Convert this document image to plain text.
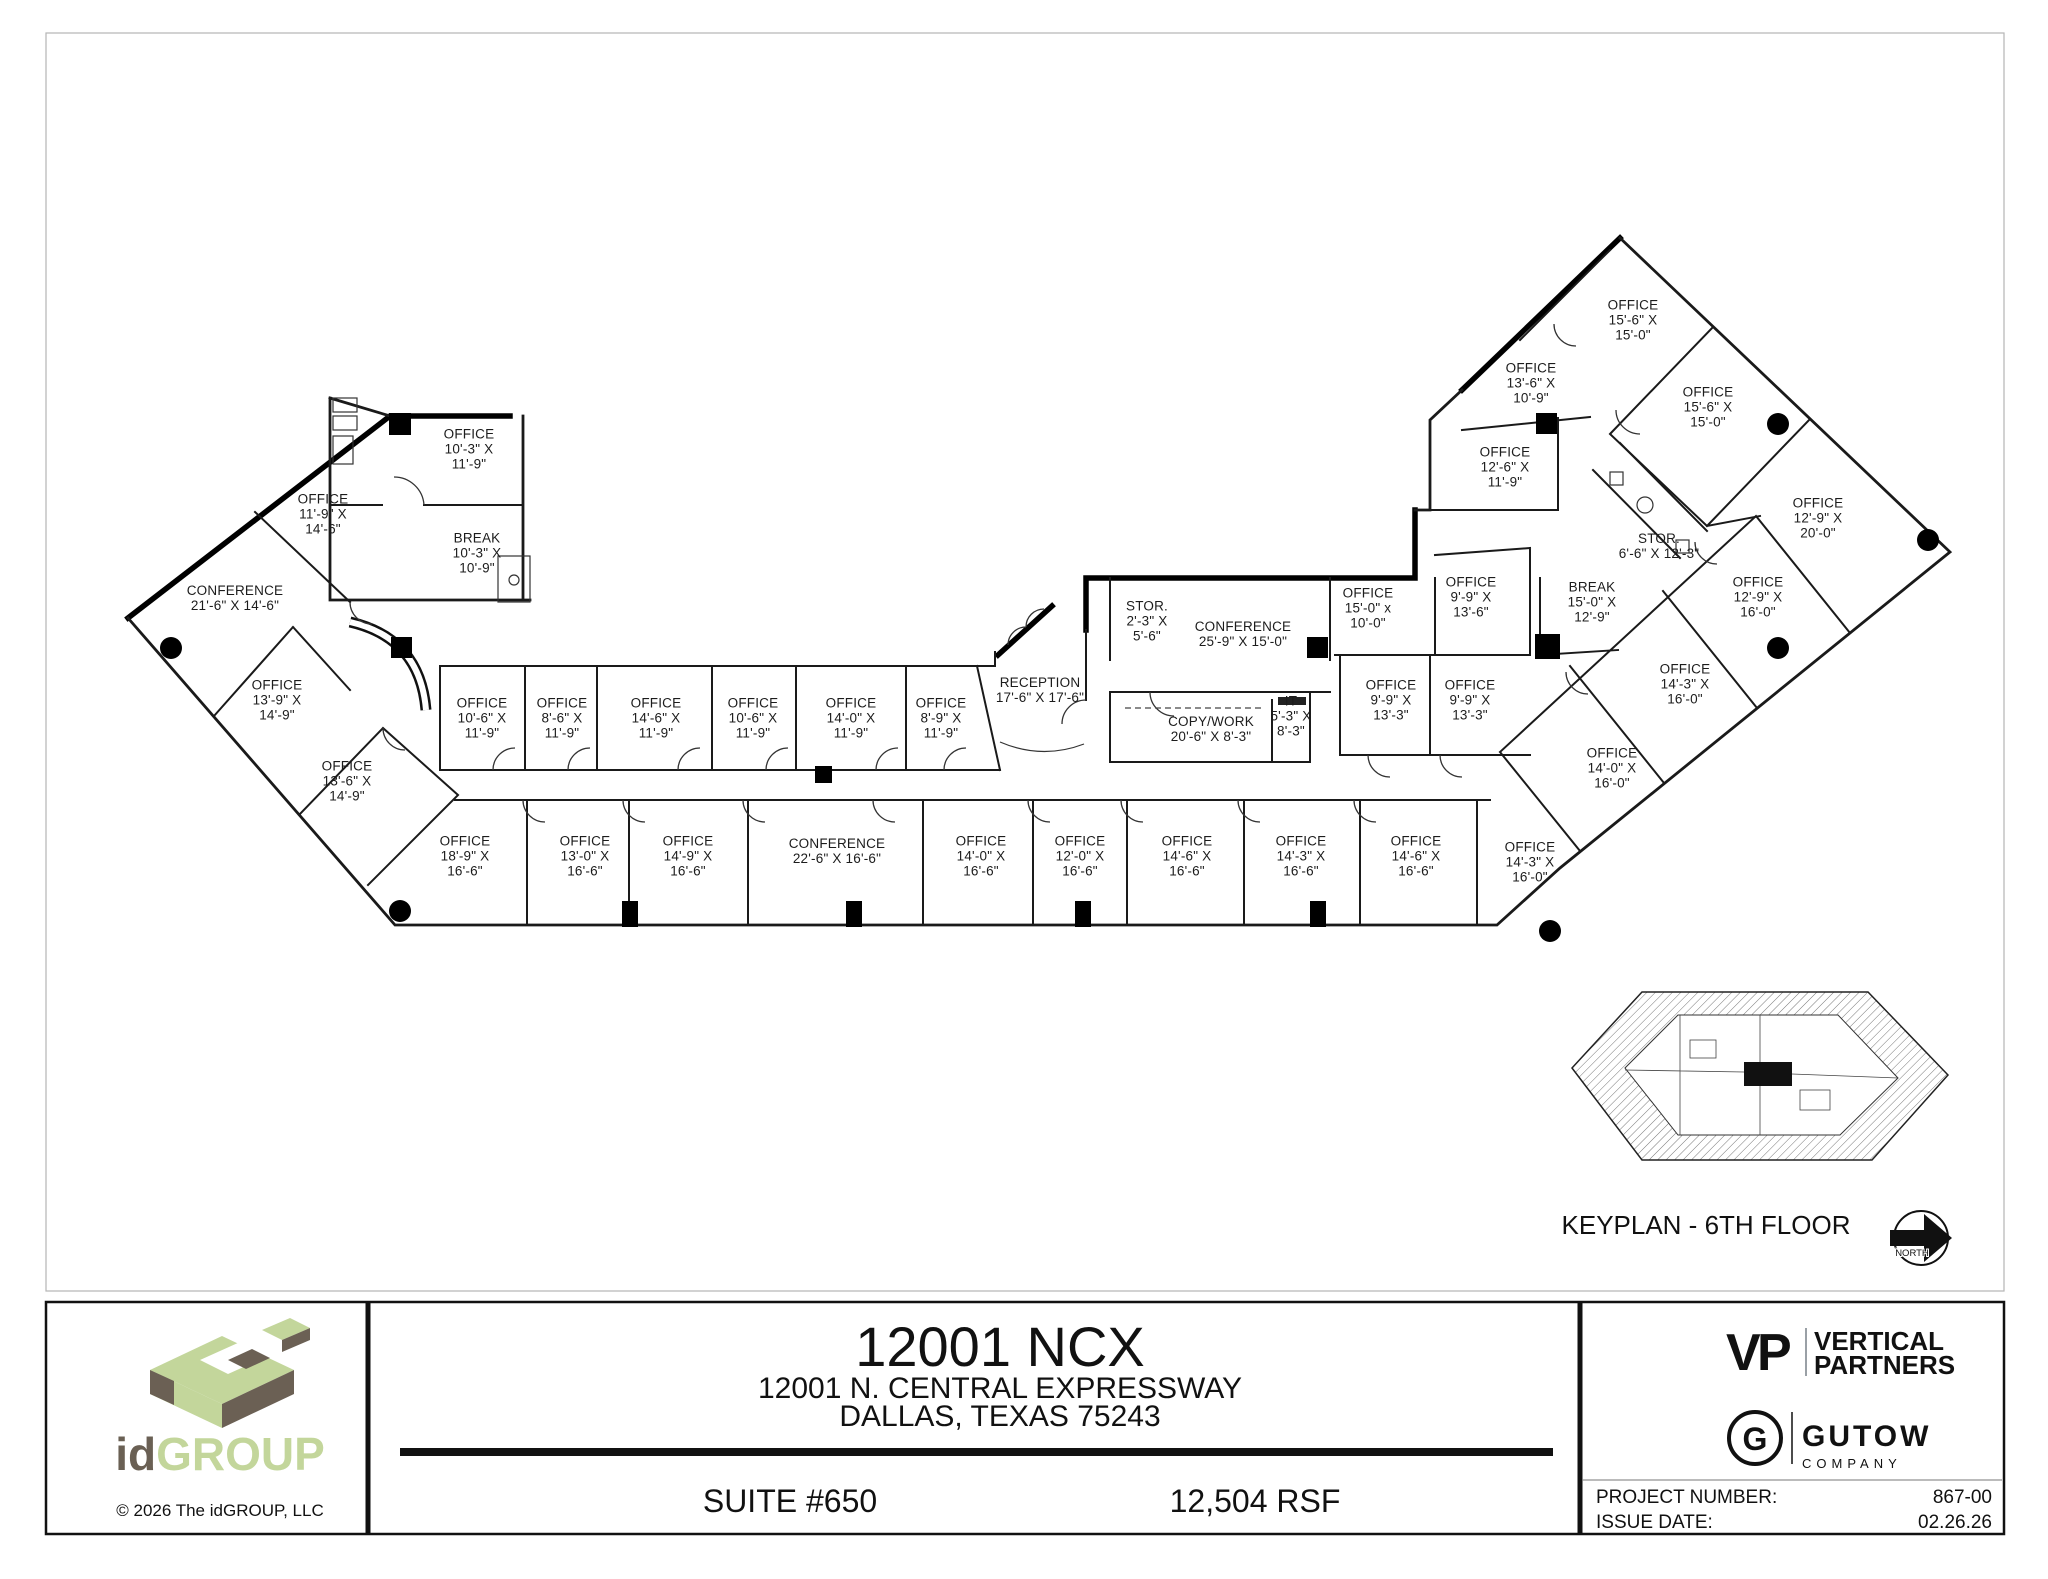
OFFICE 10'-3" X 11'-9"
BREAK 10'-3" X 10'-9"
OFFICE 11'-9" X 14'-6"
CONFERENCE 21'-6" X 14'-6"
OFFICE 13'-9" X 14'-9"
OFFICE 13'-6" X 14'-9"
OFFICE 10'-6" X 11'-9"
OFFICE 8'-6" X 11'-9"
OFFICE 14'-6" X 11'-9"
OFFICE 10'-6" X 11'-9"
OFFICE 14'-0" X 11'-9"
OFFICE 8'-9" X 11'-9"
RECEPTION 17'-6" X 17'-6"
STOR. 2'-3" X 5'-6"
CONFERENCE 25'-9" X 15'-0"
COPY/WORK 20'-6" X 8'-3"
IT 5'-3" X 8'-3"
OFFICE 18'-9" X 16'-6"
OFFICE 13'-0" X 16'-6"
OFFICE 14'-9" X 16'-6"
CONFERENCE 22'-6" X 16'-6"
OFFICE 14'-0" X 16'-6"
OFFICE 12'-0" X 16'-6"
OFFICE 14'-6" X 16'-6"
OFFICE 14'-3" X 16'-6"
OFFICE 14'-6" X 16'-6"
OFFICE 14'-3" X 16'-0"
OFFICE 15'-0" x 10'-0"
OFFICE 9'-9" X 13'-6"
OFFICE 9'-9" X 13'-3"
OFFICE 9'-9" X 13'-3"
BREAK 15'-0" X 12'-9"
OFFICE 14'-0" X 16'-0"
OFFICE 13'-6" X 10'-9"
OFFICE 15'-6" X 15'-0"
OFFICE 15'-6" X 15'-0"
OFFICE 12'-6" X 11'-9"
OFFICE 12'-9" X 20'-0"
STOR. 6'-6" X 12'-3"
OFFICE 12'-9" X 16'-0"
OFFICE 14'-3" X 16'-0"
KEYPLAN - 6TH FLOOR
NORTH
idGROUP
© 2026 The idGROUP, LLC
12001 NCX
12001 N. CENTRAL EXPRESSWAY
DALLAS, TEXAS 75243
SUITE #650	12,504 RSF
V
P VERTICAL
PARTNERS
G GUTOW
COMPANY
PROJECT NUMBER:	867-00
ISSUE DATE:	02.26.26
